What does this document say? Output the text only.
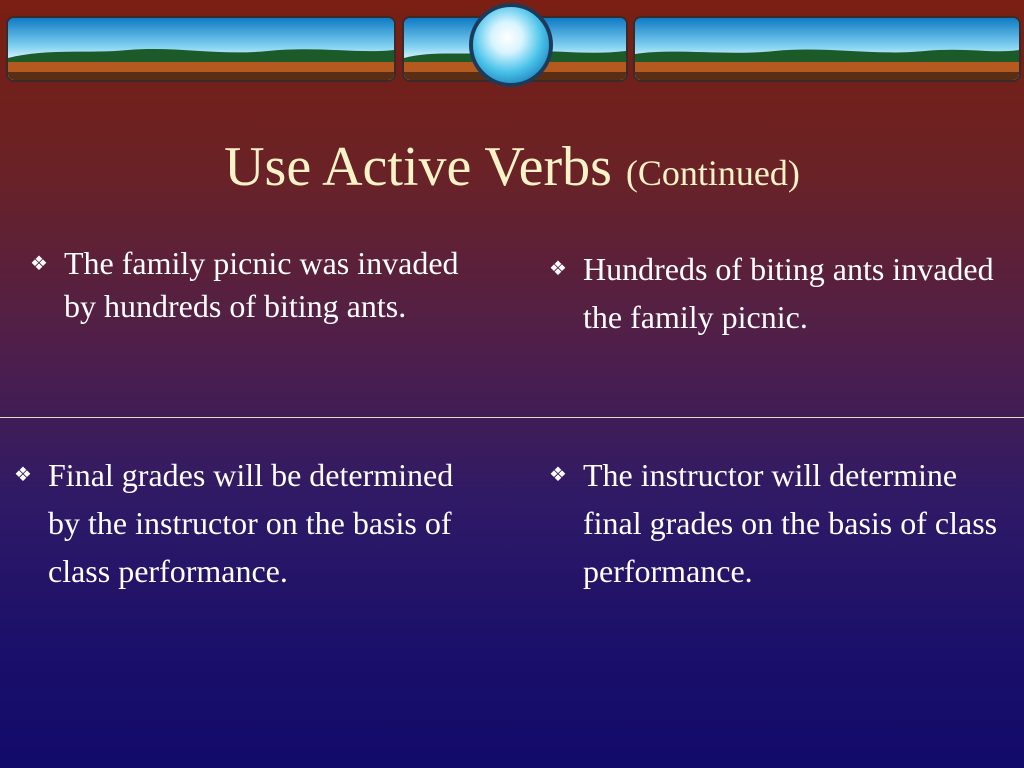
Use Active Verbs (Continued)
❖ The family picnic was invaded by hundreds of biting ants.
❖ Hundreds of biting ants invaded the family picnic.
❖ Final grades will be determined by the instructor on the basis of class performance.
❖ The instructor will determine final grades on the basis of class performance.
